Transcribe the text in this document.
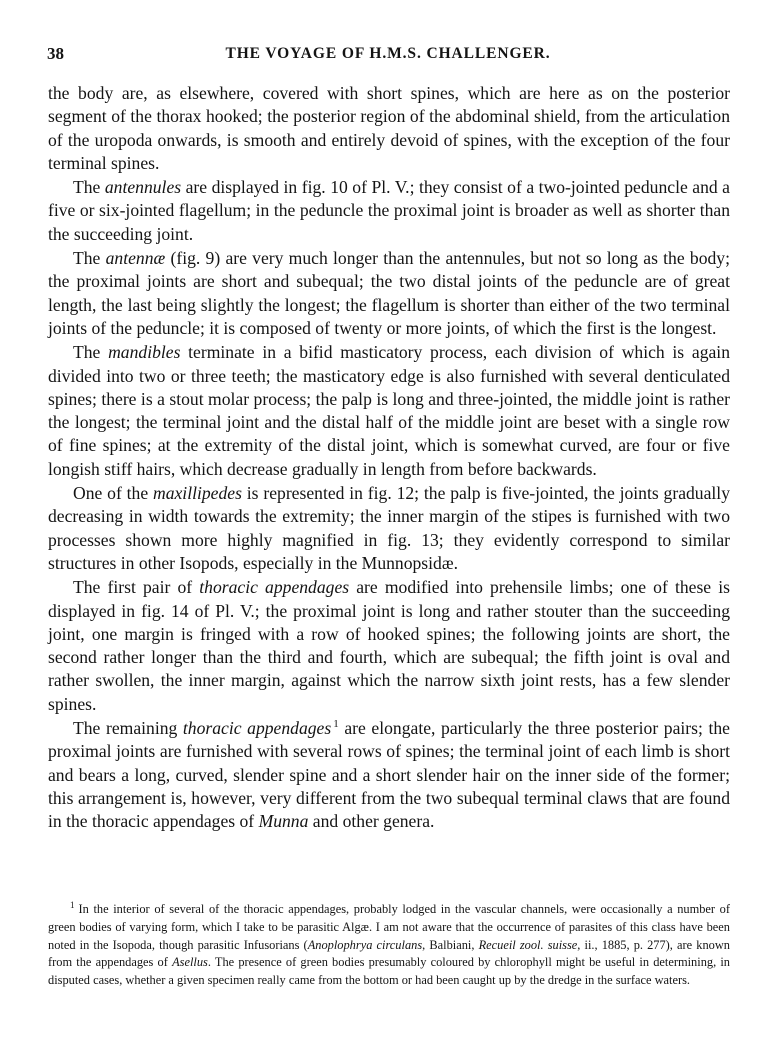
38	THE VOYAGE OF H.M.S. CHALLENGER.

the body are, as elsewhere, covered with short spines, which are here as on the posterior segment of the thorax hooked; the posterior region of the abdominal shield, from the articulation of the uropoda onwards, is smooth and entirely devoid of spines, with the exception of the four terminal spines.

The antennules are displayed in fig. 10 of Pl. V.; they consist of a two-jointed peduncle and a five or six-jointed flagellum; in the peduncle the proximal joint is broader as well as shorter than the succeeding joint.

The antennæ (fig. 9) are very much longer than the antennules, but not so long as the body; the proximal joints are short and subequal; the two distal joints of the peduncle are of great length, the last being slightly the longest; the flagellum is shorter than either of the two terminal joints of the peduncle; it is composed of twenty or more joints, of which the first is the longest.

The mandibles terminate in a bifid masticatory process, each division of which is again divided into two or three teeth; the masticatory edge is also furnished with several denticulated spines; there is a stout molar process; the palp is long and three-jointed, the middle joint is rather the longest; the terminal joint and the distal half of the middle joint are beset with a single row of fine spines; at the extremity of the distal joint, which is somewhat curved, are four or five longish stiff hairs, which decrease gradually in length from before backwards.

One of the maxillipedes is represented in fig. 12; the palp is five-jointed, the joints gradually decreasing in width towards the extremity; the inner margin of the stipes is furnished with two processes shown more highly magnified in fig. 13; they evidently correspond to similar structures in other Isopods, especially in the Munnopsidæ.

The first pair of thoracic appendages are modified into prehensile limbs; one of these is displayed in fig. 14 of Pl. V.; the proximal joint is long and rather stouter than the succeeding joint, one margin is fringed with a row of hooked spines; the following joints are short, the second rather longer than the third and fourth, which are subequal; the fifth joint is oval and rather swollen, the inner margin, against which the narrow sixth joint rests, has a few slender spines.

The remaining thoracic appendages $^1$ are elongate, particularly the three posterior pairs; the proximal joints are furnished with several rows of spines; the terminal joint of each limb is short and bears a long, curved, slender spine and a short slender hair on the inner side of the former; this arrangement is, however, very different from the two subequal terminal claws that are found in the thoracic appendages of Munna and other genera.

$^1$ In the interior of several of the thoracic appendages, probably lodged in the vascular channels, were occasionally a number of green bodies of varying form, which I take to be parasitic Algæ. I am not aware that the occurrence of parasites of this class have been noted in the Isopoda, though parasitic Infusorians (Anoplophrya circulans, Balbiani, Recueil zool. suisse, ii., 1885, p. 277), are known from the appendages of Asellus. The presence of green bodies presumably coloured by chlorophyll might be useful in determining, in disputed cases, whether a given specimen really came from the bottom or had been caught up by the dredge in the surface waters.
